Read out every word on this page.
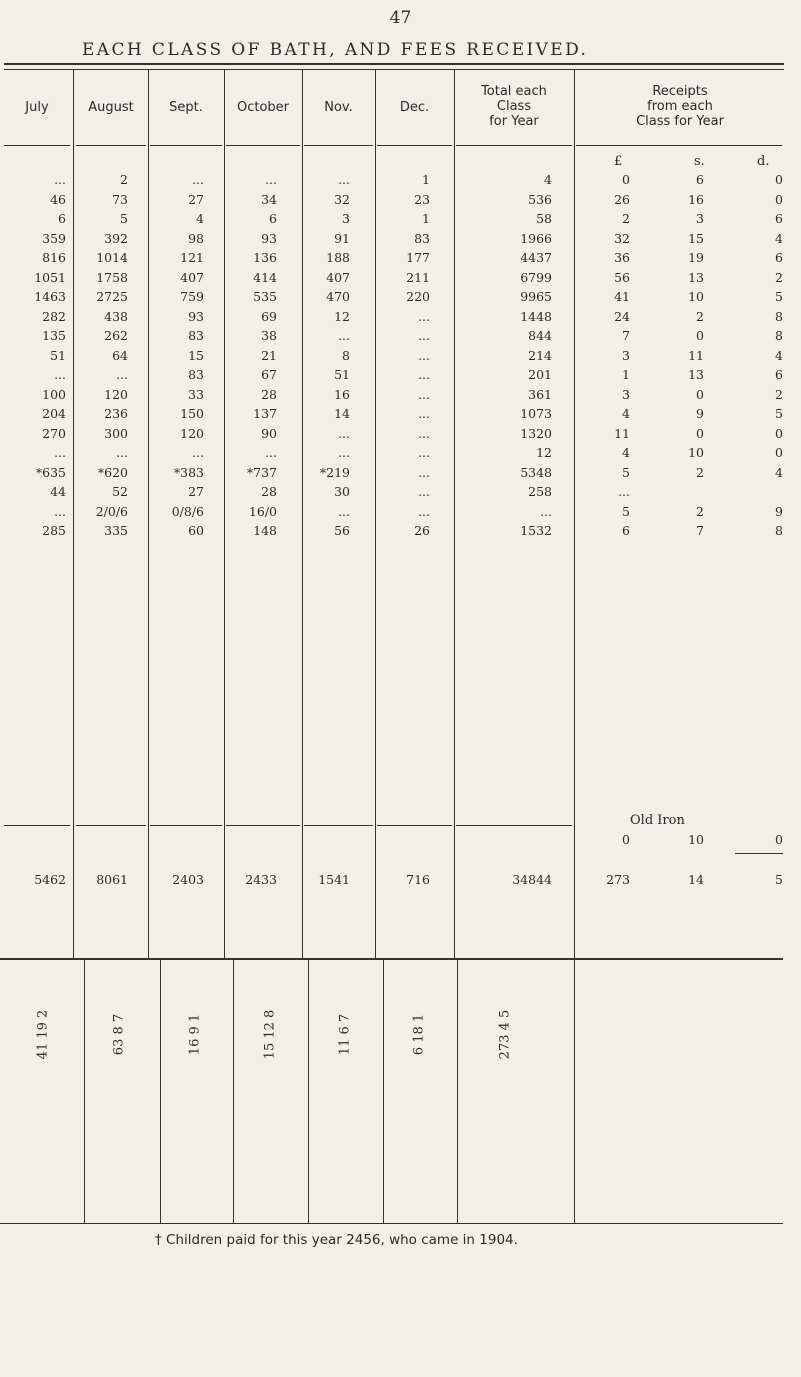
47
EACH CLASS OF BATH, AND FEES RECEIVED.
July	August	Sept.	October	Nov.	Dec.
Total each
Class
for Year
Receipts
from each
Class for Year
£	s.	d.
...	2	...	...	...	1	4	0	6	0
46	73	27	34	32	23	536	26	16	0
6	5	4	6	3	1	58	2	3	6
359	392	98	93	91	83	1966	32	15	4
816	1014	121	136	188	177	4437	36	19	6
1051	1758	407	414	407	211	6799	56	13	2
1463	2725	759	535	470	220	9965	41	10	5
282	438	93	69	12	...	1448	24	2	8
135	262	83	38	...	...	844	7	0	8
51	64	15	21	8	...	214	3	11	4
...	...	83	67	51	...	201	1	13	6
100	120	33	28	16	...	361	3	0	2
204	236	150	137	14	...	1073	4	9	5
270	300	120	90	...	...	1320	11	0	0
...	...	...	...	...	...	12	4	10	0
*635	*620	*383	*737	*219	...	5348	5	2	4
44	52	27	28	30	...	258	...
...	2/0/6	0/8/6	16/0	...	...	...	5	2	9
285	335	60	148	56	26	1532	6	7	8
Old Iron
0	10	0
5462	8061	2403	2433	1541	716	34844	273	14	5
41 19 2	63 8 7	16 9 1	15 12 8	11 6 7	6 18 1	273 4 5
† Children paid for this year 2456, who came in 1904.
